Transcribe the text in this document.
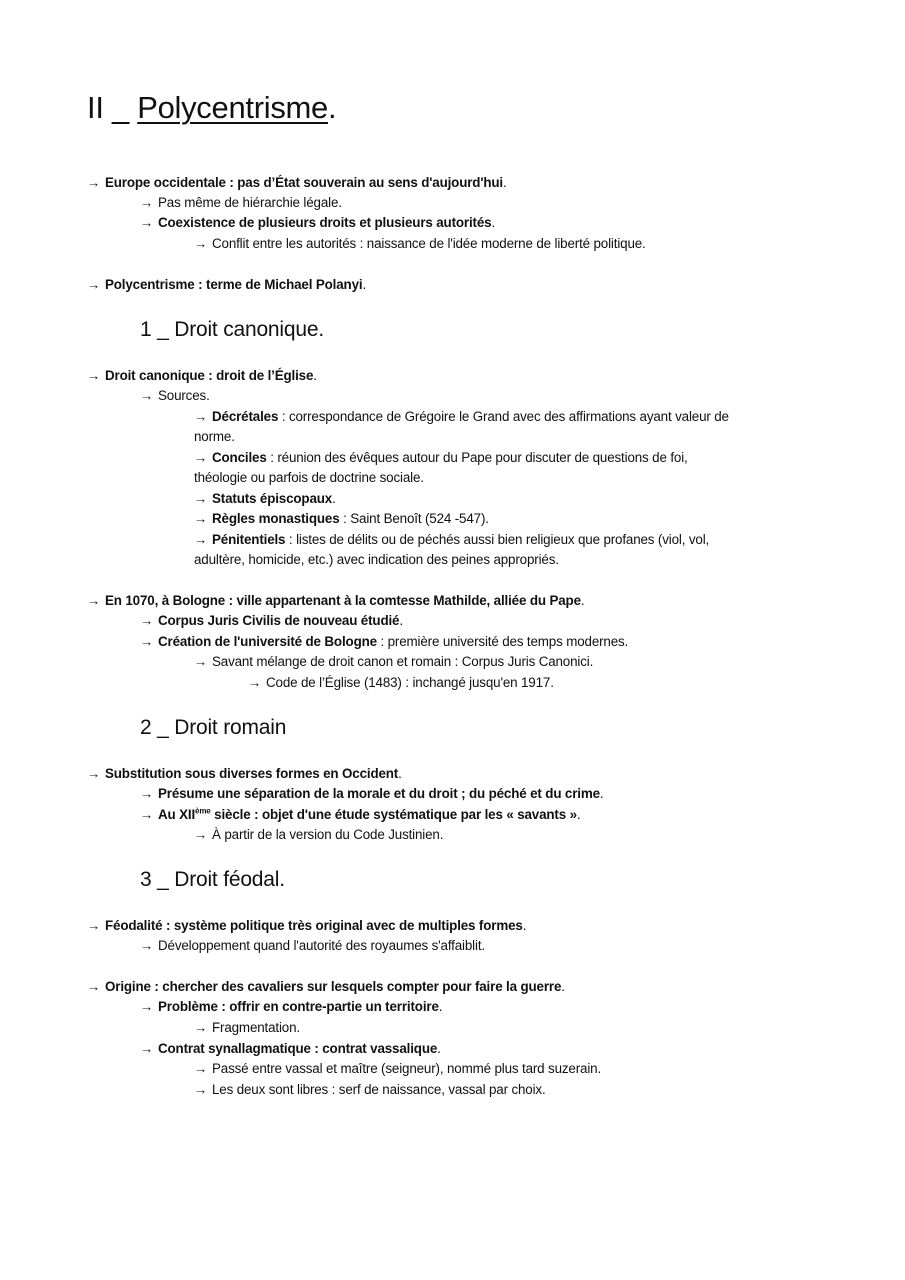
II _ Polycentrisme.
→ Europe occidentale : pas d’État souverain au sens d'aujourd'hui.
→ Pas même de hiérarchie légale.
→ Coexistence de plusieurs droits et plusieurs autorités.
→ Conflit entre les autorités : naissance de l'idée moderne de liberté politique.
→ Polycentrisme : terme de Michael Polanyi.
1 _ Droit canonique.
→ Droit canonique : droit de l’Église.
→ Sources.
→ Décrétales : correspondance de Grégoire le Grand avec des affirmations ayant valeur de
norme.
→ Conciles : réunion des évêques autour du Pape pour discuter de questions de foi,
théologie ou parfois de doctrine sociale.
→ Statuts épiscopaux.
→ Règles monastiques : Saint Benoît (524 -547).
→ Pénitentiels : listes de délits ou de péchés aussi bien religieux que profanes (viol, vol,
adultère, homicide, etc.) avec indication des peines appropriés.
→ En 1070, à Bologne : ville appartenant à la comtesse Mathilde, alliée du Pape.
→ Corpus Juris Civilis de nouveau étudié.
→ Création de l'université de Bologne : première université des temps modernes.
→ Savant mélange de droit canon et romain : Corpus Juris Canonici.
→ Code de l’Église (1483) : inchangé jusqu'en 1917.
2 _ Droit romain
→ Substitution sous diverses formes en Occident.
→ Présume une séparation de la morale et du droit ; du péché et du crime.
→ Au XIIème siècle : objet d'une étude systématique par les « savants ».
→ À partir de la version du Code Justinien.
3 _ Droit féodal.
→ Féodalité : système politique très original avec de multiples formes.
→ Développement quand l'autorité des royaumes s'affaiblit.
→ Origine : chercher des cavaliers sur lesquels compter pour faire la guerre.
→ Problème : offrir en contre-partie un territoire.
→ Fragmentation.
→ Contrat synallagmatique : contrat vassalique.
→ Passé entre vassal et maître (seigneur), nommé plus tard suzerain.
→ Les deux sont libres : serf de naissance, vassal par choix.
